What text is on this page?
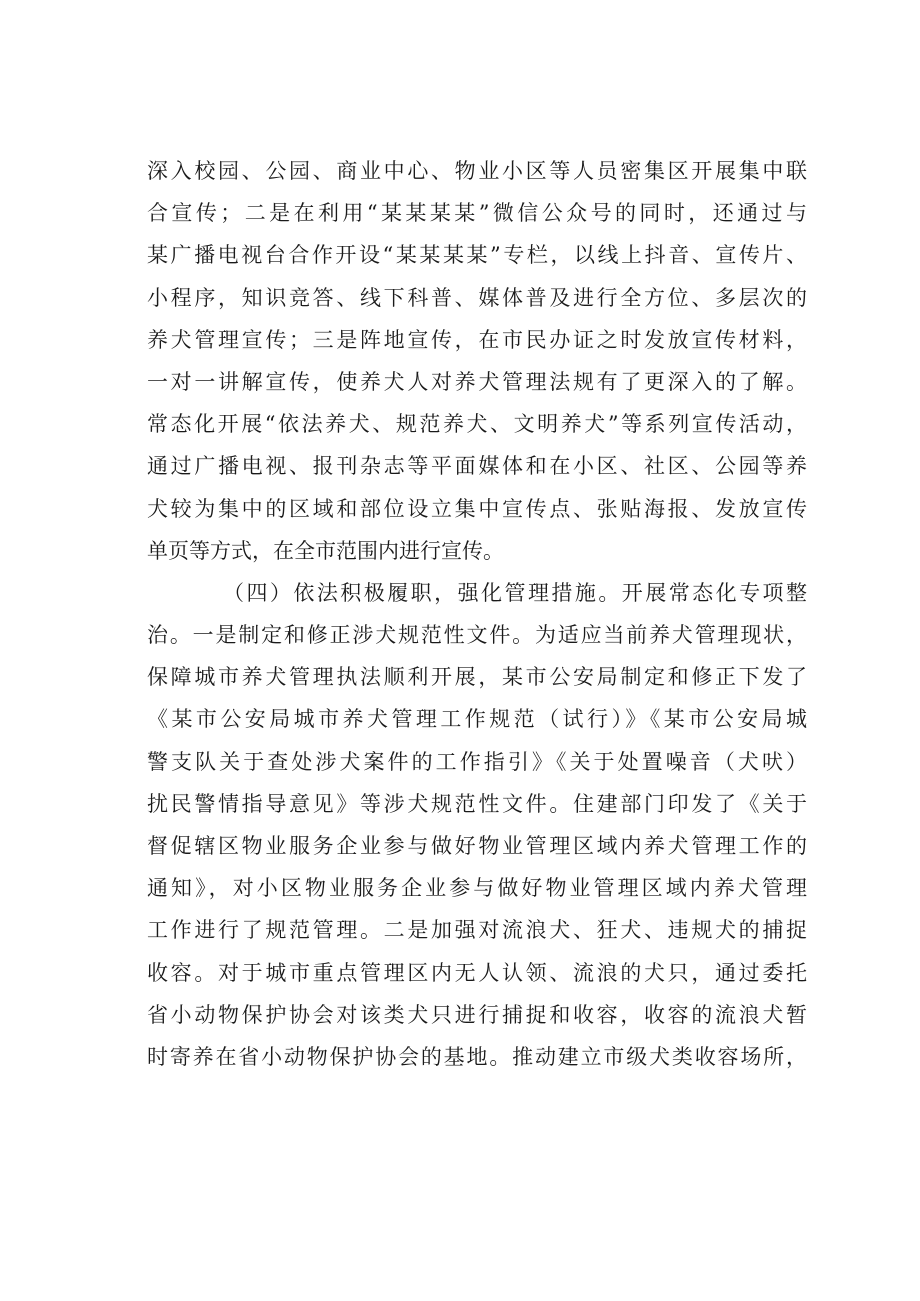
深入校园、公园、商业中心、物业小区等人员密集区开展集中联
合宣传；二是在利用“某某某某”微信公众号的同时，还通过与
某广播电视台合作开设“某某某某”专栏，以线上抖音、宣传片、
小程序，知识竞答、线下科普、媒体普及进行全方位、多层次的
养犬管理宣传；三是阵地宣传，在市民办证之时发放宣传材料，
一对一讲解宣传，使养犬人对养犬管理法规有了更深入的了解。
常态化开展“依法养犬、规范养犬、文明养犬”等系列宣传活动，
通过广播电视、报刊杂志等平面媒体和在小区、社区、公园等养
犬较为集中的区域和部位设立集中宣传点、张贴海报、发放宣传
单页等方式，在全市范围内进行宣传。
（四）依法积极履职，强化管理措施。开展常态化专项整
治。一是制定和修正涉犬规范性文件。为适应当前养犬管理现状，
保障城市养犬管理执法顺利开展，某市公安局制定和修正下发了
《某市公安局城市养犬管理工作规范（试行）》《某市公安局城
警支队关于查处涉犬案件的工作指引》《关于处置噪音（犬吠）
扰民警情指导意见》等涉犬规范性文件。住建部门印发了《关于
督促辖区物业服务企业参与做好物业管理区域内养犬管理工作的
通知》，对小区物业服务企业参与做好物业管理区域内养犬管理
工作进行了规范管理。二是加强对流浪犬、狂犬、违规犬的捕捉
收容。对于城市重点管理区内无人认领、流浪的犬只，通过委托
省小动物保护协会对该类犬只进行捕捉和收容，收容的流浪犬暂
时寄养在省小动物保护协会的基地。推动建立市级犬类收容场所，
